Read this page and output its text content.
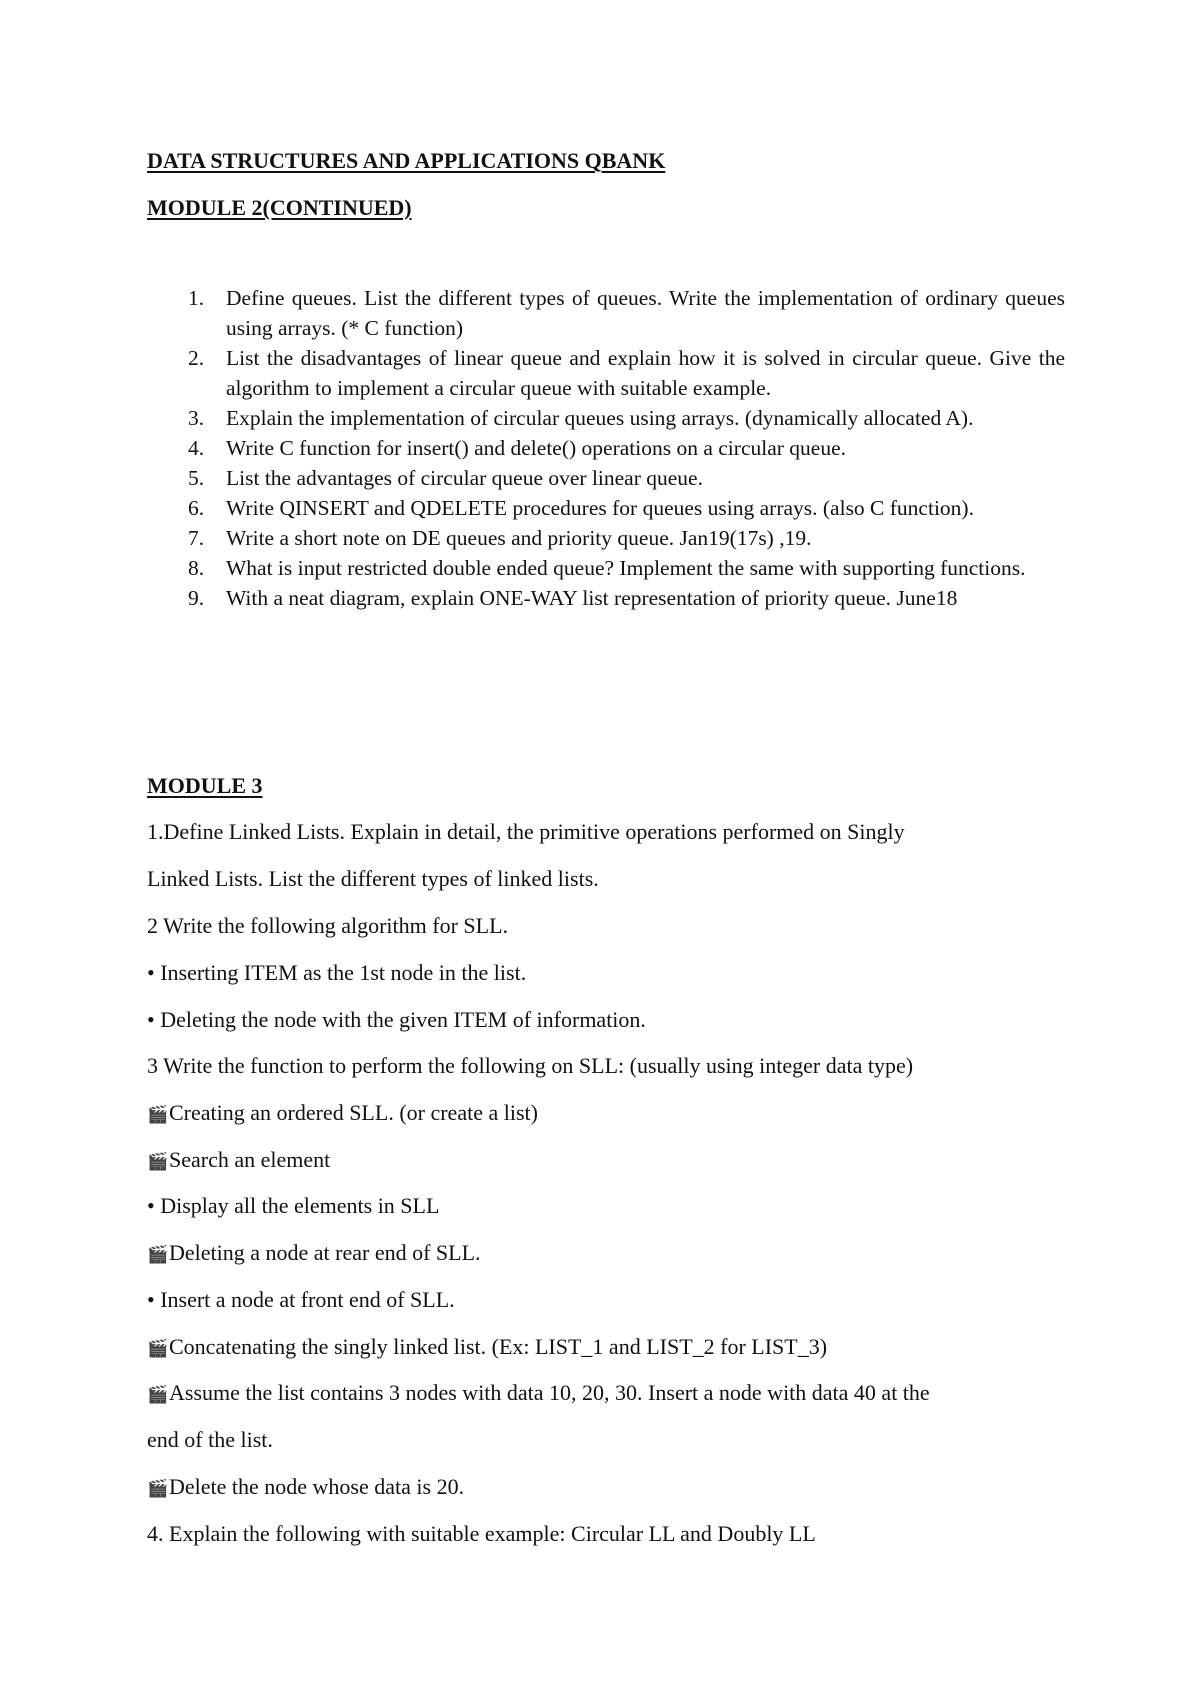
DATA STRUCTURES AND APPLICATIONS QBANK
MODULE 2(CONTINUED)
1. Define queues. List the different types of queues. Write the implementation of ordinary queues using arrays. (* C function)
2. List the disadvantages of linear queue and explain how it is solved in circular queue. Give the algorithm to implement a circular queue with suitable example.
3. Explain the implementation of circular queues using arrays. (dynamically allocated A).
4. Write C function for insert() and delete() operations on a circular queue.
5. List the advantages of circular queue over linear queue.
6. Write QINSERT and QDELETE procedures for queues using arrays. (also C function).
7. Write a short note on DE queues and priority queue. Jan19(17s) ,19.
8. What is input restricted double ended queue? Implement the same with supporting functions.
9. With a neat diagram, explain ONE-WAY list representation of priority queue. June18
MODULE 3
1.Define Linked Lists. Explain in detail, the primitive operations performed on Singly
Linked Lists. List the different types of linked lists.
2 Write the following algorithm for SLL.
• Inserting ITEM as the 1st node in the list.
• Deleting the node with the given ITEM of information.
3 Write the function to perform the following on SLL: (usually using integer data type)
🎬Creating an ordered SLL. (or create a list)
🎬Search an element
• Display all the elements in SLL
🎬Deleting a node at rear end of SLL.
• Insert a node at front end of SLL.
🎬Concatenating the singly linked list. (Ex: LIST_1 and LIST_2 for LIST_3)
🎬Assume the list contains 3 nodes with data 10, 20, 30. Insert a node with data 40 at the
end of the list.
🎬Delete the node whose data is 20.
4. Explain the following with suitable example: Circular LL and Doubly LL
